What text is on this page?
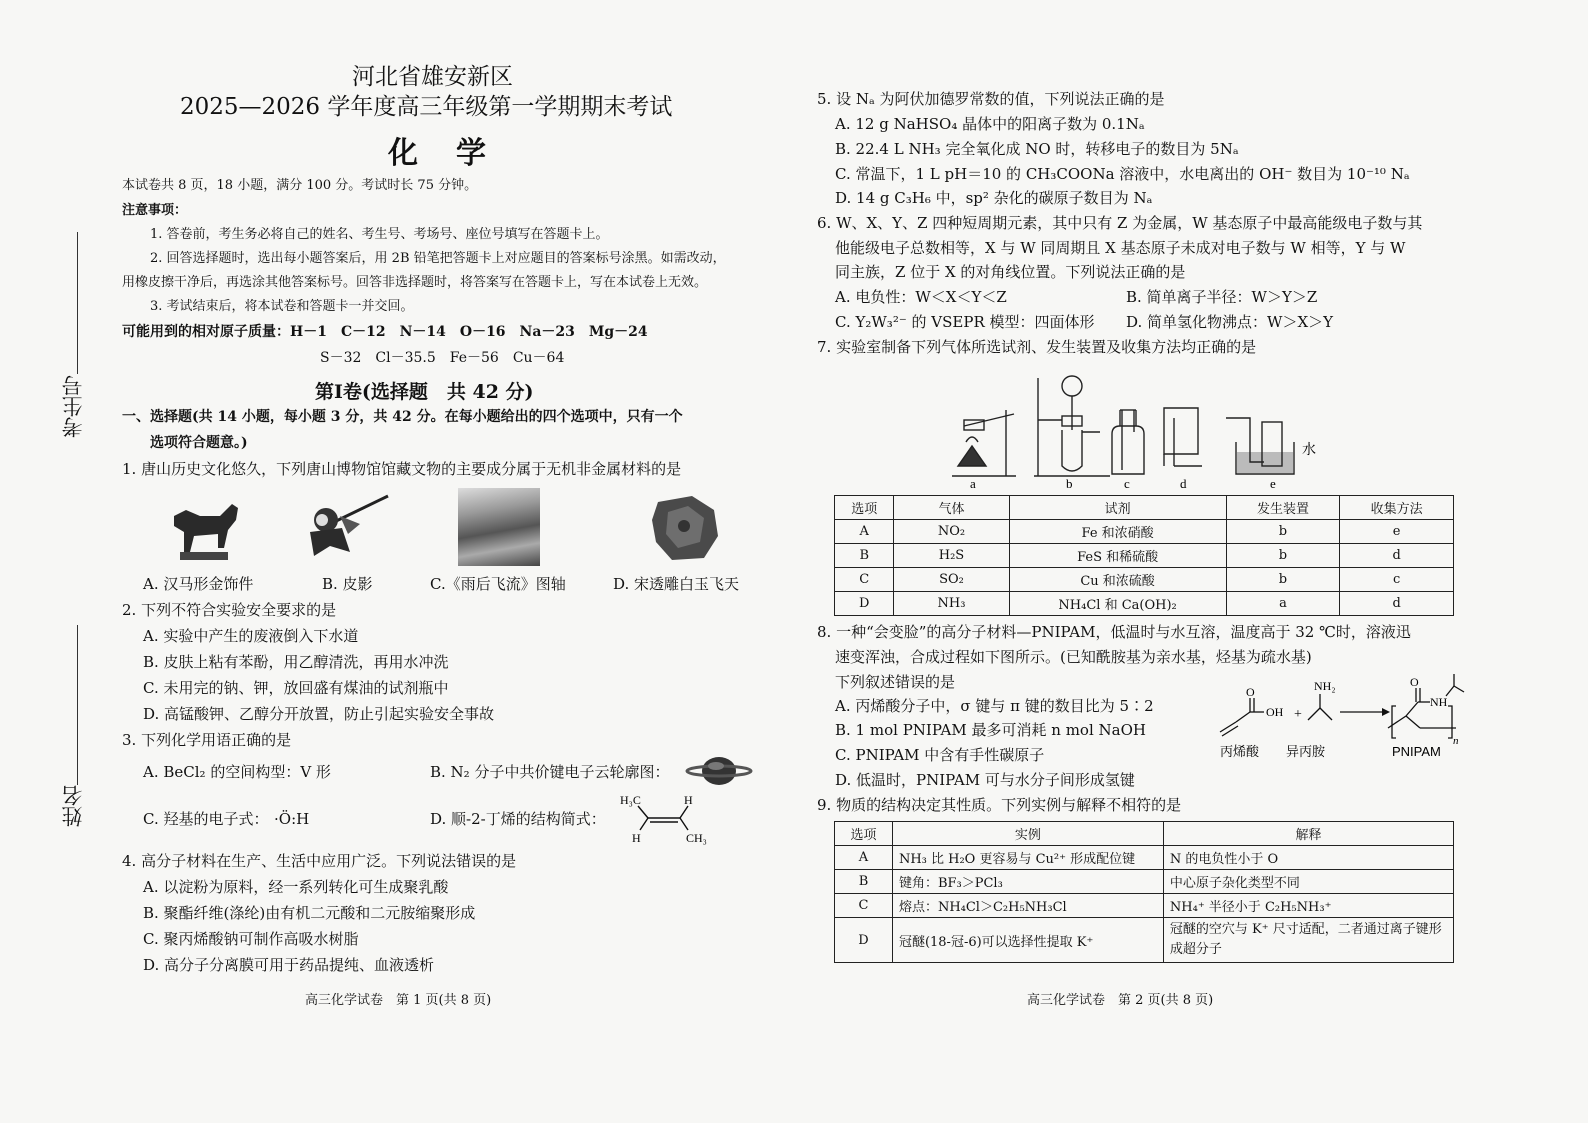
考生号
姓名
河北省雄安新区
2025—2026 学年度高三年级第一学期期末考试
化　学
本试卷共 8 页，18 小题，满分 100 分。考试时长 75 分钟。
注意事项：
1. 答卷前，考生务必将自己的姓名、考生号、考场号、座位号填写在答题卡上。
2. 回答选择题时，选出每小题答案后，用 2B 铅笔把答题卡上对应题目的答案标号涂黑。如需改动，
用橡皮擦干净后，再选涂其他答案标号。回答非选择题时，将答案写在答题卡上，写在本试卷上无效。
3. 考试结束后，将本试卷和答题卡一并交回。
可能用到的相对原子质量：H－1　C－12　N－14　O－16　Na－23　Mg－24
S－32　Cl－35.5　Fe－56　Cu－64
第Ⅰ卷(选择题　共 42 分)
一、选择题(共 14 小题，每小题 3 分，共 42 分。在每小题给出的四个选项中，只有一个
选项符合题意。)
1. 唐山历史文化悠久，下列唐山博物馆馆藏文物的主要成分属于无机非金属材料的是
A. 汉马形金饰件	B. 皮影	C.《雨后飞流》图轴	D. 宋透雕白玉飞天
2. 下列不符合实验安全要求的是
A. 实验中产生的废液倒入下水道
B. 皮肤上粘有苯酚，用乙醇清洗，再用水冲洗
C. 未用完的钠、钾，放回盛有煤油的试剂瓶中
D. 高锰酸钾、乙醇分开放置，防止引起实验安全事故
3. 下列化学用语正确的是
A. BeCl₂ 的空间构型：V 形	B. N₂ 分子中共价键电子云轮廓图：
C. 羟基的电子式： ·Ö:H	D. 顺-2-丁烯的结构简式：
H₃C	H
H	CH₃
4. 高分子材料在生产、生活中应用广泛。下列说法错误的是
A. 以淀粉为原料，经一系列转化可生成聚乳酸
B. 聚酯纤维(涤纶)由有机二元酸和二元胺缩聚形成
C. 聚丙烯酸钠可制作高吸水树脂
D. 高分子分离膜可用于药品提纯、血液透析
高三化学试卷　第 1 页(共 8 页)
5. 设 Nₐ 为阿伏加德罗常数的值，下列说法正确的是
A. 12 g NaHSO₄ 晶体中的阳离子数为 0.1Nₐ
B. 22.4 L NH₃ 完全氧化成 NO 时，转移电子的数目为 5Nₐ
C. 常温下，1 L pH＝10 的 CH₃COONa 溶液中，水电离出的 OH⁻ 数目为 10⁻¹⁰ Nₐ
D. 14 g C₃H₆ 中，sp² 杂化的碳原子数目为 Nₐ
6. W、X、Y、Z 四种短周期元素，其中只有 Z 为金属，W 基态原子中最高能级电子数与其
他能级电子总数相等，X 与 W 同周期且 X 基态原子未成对电子数与 W 相等，Y 与 W
同主族，Z 位于 X 的对角线位置。下列说法正确的是
A. 电负性：W＜X＜Y＜Z	B. 简单离子半径：W＞Y＞Z
C. Y₂W₃²⁻ 的 VSEPR 模型：四面体形 D. 简单氢化物沸点：W＞X＞Y
7. 实验室制备下列气体所选试剂、发生装置及收集方法均正确的是
a	b	c	d	e
水
选项	气体	试剂	发生装置	收集方法
A	NO₂	Fe 和浓硝酸	b	e
B	H₂S	FeS 和稀硫酸	b	d
C	SO₂	Cu 和浓硫酸	b	c
D	NH₃	NH₄Cl 和 Ca(OH)₂	a	d
8. 一种“会变脸”的高分子材料—PNIPAM，低温时与水互溶，温度高于 32 ℃时，溶液迅
速变浑浊，合成过程如下图所示。(已知酰胺基为亲水基，烃基为疏水基)
下列叙述错误的是
A. 丙烯酸分子中，σ 键与 π 键的数目比为 5∶2
B. 1 mol PNIPAM 最多可消耗 n mol NaOH
C. PNIPAM 中含有手性碳原子
D. 低温时，PNIPAM 可与水分子间形成氢键
O
OH +
NH₂	O
NH
n
丙烯酸 异丙胺	PNIPAM
9. 物质的结构决定其性质。下列实例与解释不相符的是
选项	实例	解释
A	NH₃ 比 H₂O 更容易与 Cu²⁺ 形成配位键	N 的电负性小于 O
B	键角：BF₃＞PCl₃	中心原子杂化类型不同
C	熔点：NH₄Cl＞C₂H₅NH₃Cl	NH₄⁺ 半径小于 C₂H₅NH₃⁺
D	冠醚(18-冠-6)可以选择性提取 K⁺	冠醚的空穴与 K⁺ 尺寸适配，二者通过离子键形成超分子
高三化学试卷　第 2 页(共 8 页)
